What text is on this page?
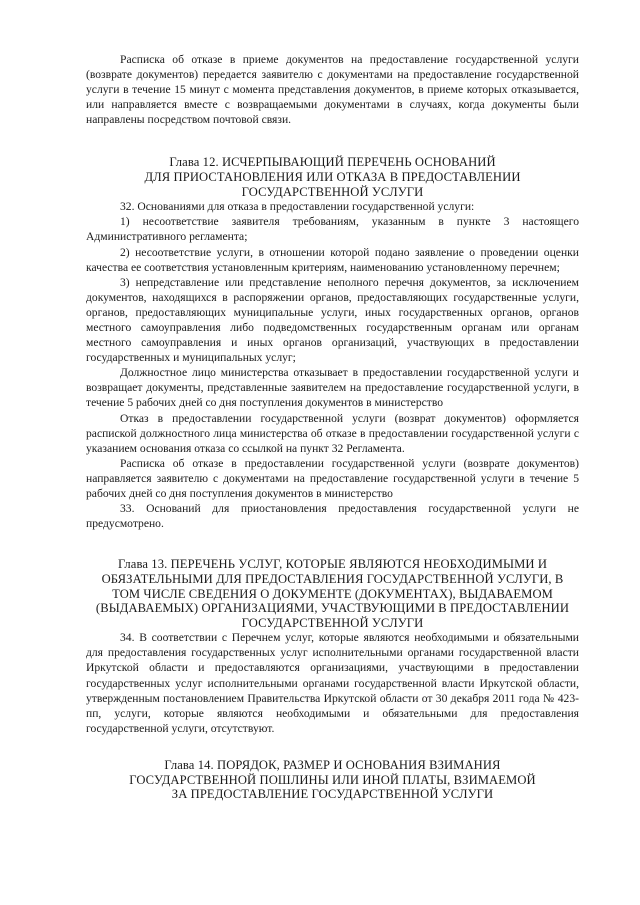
Расписка об отказе в приеме документов на предоставление государственной услуги (возврате документов) передается заявителю с документами на предоставление государственной услуги в течение 15 минут с момента представления документов, в приеме которых отказывается, или направляется вместе с возвращаемыми документами в случаях, когда документы были направлены посредством почтовой связи.

Глава 12. ИСЧЕРПЫВАЮЩИЙ ПЕРЕЧЕНЬ ОСНОВАНИЙ
ДЛЯ ПРИОСТАНОВЛЕНИЯ ИЛИ ОТКАЗА В ПРЕДОСТАВЛЕНИИ
ГОСУДАРСТВЕННОЙ УСЛУГИ

32. Основаниями для отказа в предоставлении государственной услуги:

1) несоответствие заявителя требованиям, указанным в пункте 3 настоящего Административного регламента;

2) несоответствие услуги, в отношении которой подано заявление о проведении оценки качества ее соответствия установленным критериям, наименованию установленному перечнем;

3) непредставление или представление неполного перечня документов, за исключением документов, находящихся в распоряжении органов, предоставляющих государственные услуги, органов, предоставляющих муниципальные услуги, иных государственных органов, органов местного самоуправления либо подведомственных государственным органам или органам местного самоуправления и иных органов организаций, участвующих в предоставлении государственных и муниципальных услуг;

Должностное лицо министерства отказывает в предоставлении государственной услуги и возвращает документы, представленные заявителем на предоставление государственной услуги, в течение 5 рабочих дней со дня поступления документов в министерство

Отказ в предоставлении государственной услуги (возврат документов) оформляется распиской должностного лица министерства об отказе в предоставлении государственной услуги с указанием основания отказа со ссылкой на пункт 32 Регламента.

Расписка об отказе в предоставлении государственной услуги (возврате документов) направляется заявителю с документами на предоставление государственной услуги в течение 5 рабочих дней со дня поступления документов в министерство

33. Оснований для приостановления предоставления государственной услуги не предусмотрено.

Глава 13. ПЕРЕЧЕНЬ УСЛУГ, КОТОРЫЕ ЯВЛЯЮТСЯ НЕОБХОДИМЫМИ И
ОБЯЗАТЕЛЬНЫМИ ДЛЯ ПРЕДОСТАВЛЕНИЯ ГОСУДАРСТВЕННОЙ УСЛУГИ, В
ТОМ ЧИСЛЕ СВЕДЕНИЯ О ДОКУМЕНТЕ (ДОКУМЕНТАХ), ВЫДАВАЕМОМ
(ВЫДАВАЕМЫХ) ОРГАНИЗАЦИЯМИ, УЧАСТВУЮЩИМИ В ПРЕДОСТАВЛЕНИИ
ГОСУДАРСТВЕННОЙ УСЛУГИ

34. В соответствии с Перечнем услуг, которые являются необходимыми и обязательными для предоставления государственных услуг исполнительными органами государственной власти Иркутской области и предоставляются организациями, участвующими в предоставлении государственных услуг исполнительными органами государственной власти Иркутской области, утвержденным постановлением Правительства Иркутской области от 30 декабря 2011 года № 423-пп, услуги, которые являются необходимыми и обязательными для предоставления государственной услуги, отсутствуют.

Глава 14. ПОРЯДОК, РАЗМЕР И ОСНОВАНИЯ ВЗИМАНИЯ
ГОСУДАРСТВЕННОЙ ПОШЛИНЫ ИЛИ ИНОЙ ПЛАТЫ, ВЗИМАЕМОЙ
ЗА ПРЕДОСТАВЛЕНИЕ ГОСУДАРСТВЕННОЙ УСЛУГИ
